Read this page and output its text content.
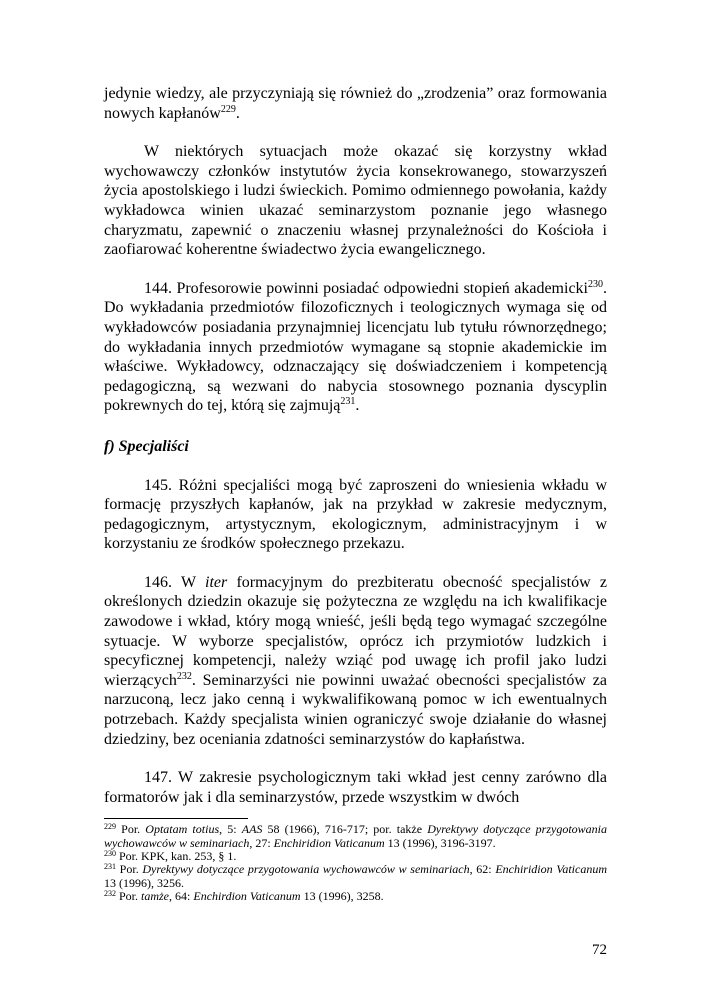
jedynie wiedzy, ale przyczyniają się również do „zrodzenia” oraz formowania nowych kapłanów$^{229}$.

W niektórych sytuacjach może okazać się korzystny wkład wychowawczy członków instytutów życia konsekrowanego, stowarzyszeń życia apostolskiego i ludzi świeckich. Pomimo odmiennego powołania, każdy wykładowca winien ukazać seminarzystom poznanie jego własnego charyzmatu, zapewnić o znaczeniu własnej przynależności do Kościoła i zaofiarować koherentne świadectwo życia ewangelicznego.

144. Profesorowie powinni posiadać odpowiedni stopień akademicki$^{230}$. Do wykładania przedmiotów filozoficznych i teologicznych wymaga się od wykładowców posiadania przynajmniej licencjatu lub tytułu równorzędnego; do wykładania innych przedmiotów wymagane są stopnie akademickie im właściwe. Wykładowcy, odznaczający się doświadczeniem i kompetencją pedagogiczną, są wezwani do nabycia stosownego poznania dyscyplin pokrewnych do tej, którą się zajmują$^{231}$.

f) Specjaliści

145. Różni specjaliści mogą być zaproszeni do wniesienia wkładu w formację przyszłych kapłanów, jak na przykład w zakresie medycznym, pedagogicznym, artystycznym, ekologicznym, administracyjnym i w korzystaniu ze środków społecznego przekazu.

146. W iter formacyjnym do prezbiteratu obecność specjalistów z określonych dziedzin okazuje się pożyteczna ze względu na ich kwalifikacje zawodowe i wkład, który mogą wnieść, jeśli będą tego wymagać szczególne sytuacje. W wyborze specjalistów, oprócz ich przymiotów ludzkich i specyficznej kompetencji, należy wziąć pod uwagę ich profil jako ludzi wierzących$^{232}$. Seminarzyści nie powinni uważać obecności specjalistów za narzuconą, lecz jako cenną i wykwalifikowaną pomoc w ich ewentualnych potrzebach. Każdy specjalista winien ograniczyć swoje działanie do własnej dziedziny, bez oceniania zdatności seminarzystów do kapłaństwa.

147. W zakresie psychologicznym taki wkład jest cenny zarówno dla formatorów jak i dla seminarzystów, przede wszystkim w dwóch

$^{229}$ Por. Optatam totius, 5: AAS 58 (1966), 716-717; por. także Dyrektywy dotyczące przygotowania wychowawców w seminariach, 27: Enchiridion Vaticanum 13 (1996), 3196-3197.

$^{230}$ Por. KPK, kan. 253, § 1.

$^{231}$ Por. Dyrektywy dotyczące przygotowania wychowawców w seminariach, 62: Enchiridion Vaticanum 13 (1996), 3256.

$^{232}$ Por. tamże, 64: Enchirdion Vaticanum 13 (1996), 3258.

72
